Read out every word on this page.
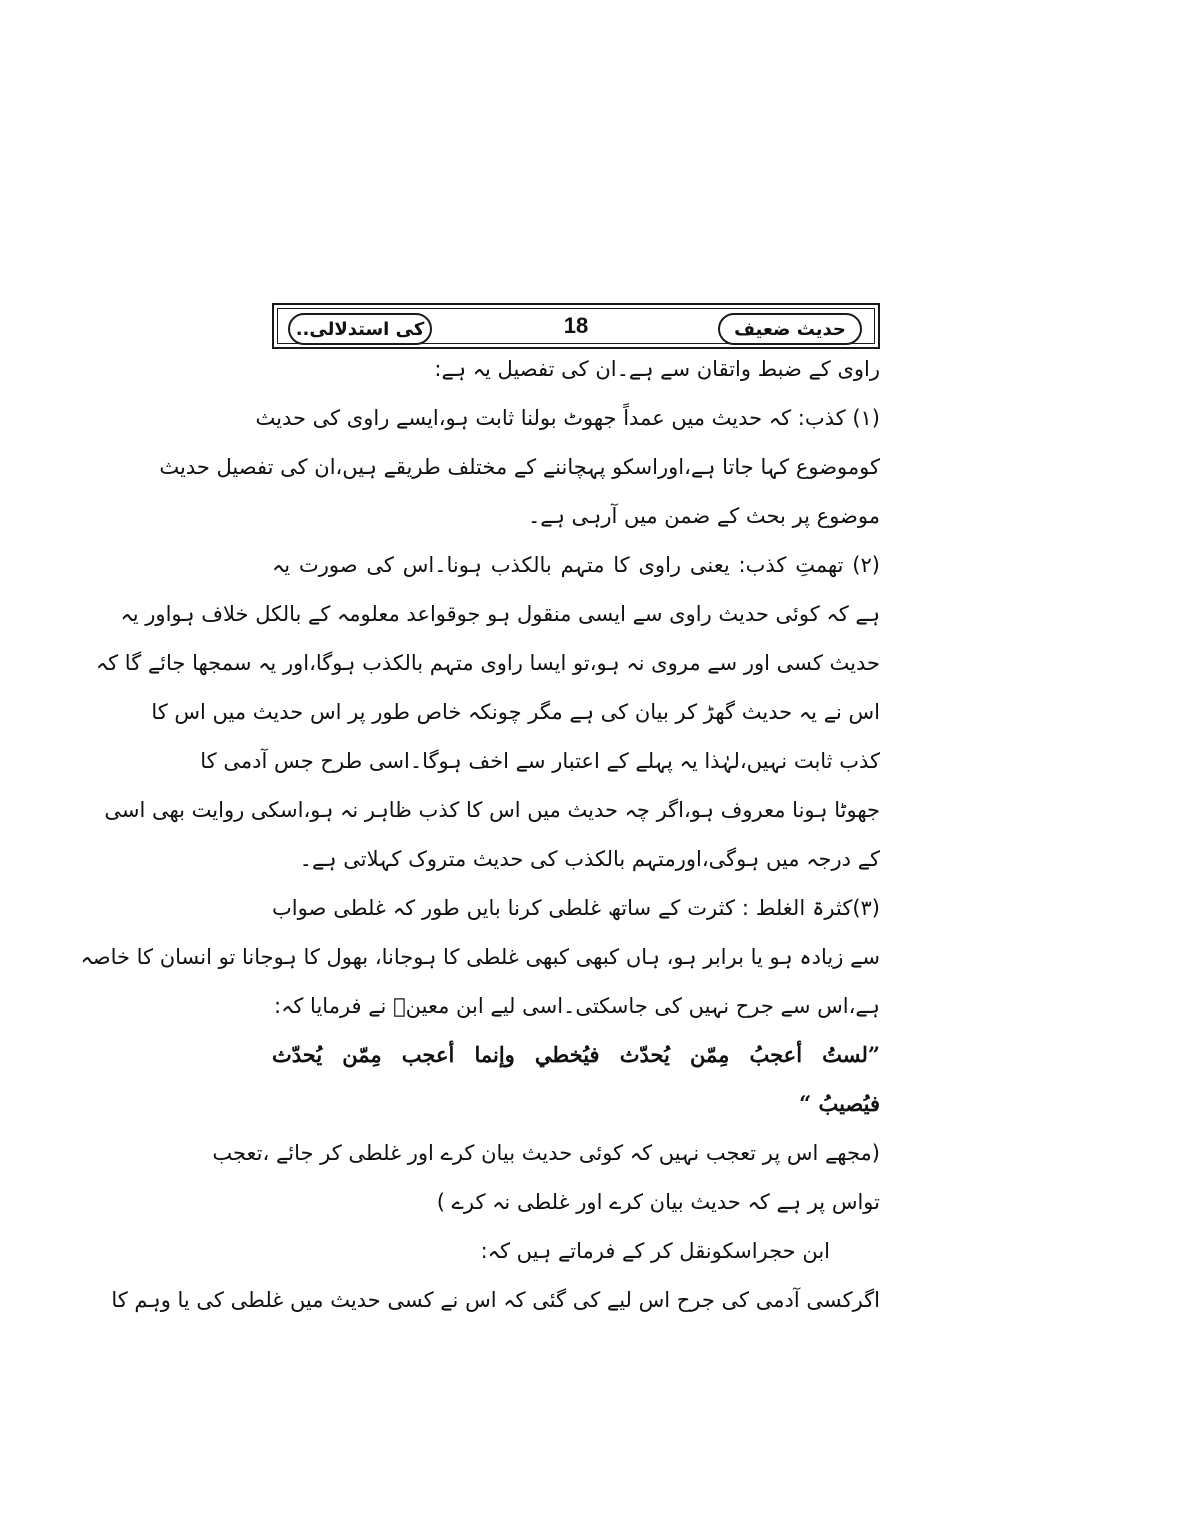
حدیث ضعیف
18
کی استدلالی..
راوی کے ضبط واتقان سے ہے۔ان کی تفصیل یہ ہے:
(۱) کذب: کہ حدیث میں عمداً جھوٹ بولنا ثابت ہو،ایسے راوی کی حدیث
کوموضوع کہا جاتا ہے،اوراسکو پہچاننے کے مختلف طریقے ہیں،ان کی تفصیل حدیث
موضوع پر بحث کے ضمن میں آرہی ہے۔
(۲) تھمتِ کذب: یعنی راوی کا متہم بالکذب ہونا۔اس کی صورت یہ
ہے کہ کوئی حدیث راوی سے ایسی منقول ہو جوقواعد معلومہ کے بالکل خلاف ہواور یہ
حدیث کسی اور سے مروی نہ ہو،تو ایسا راوی متہم بالکذب ہوگا،اور یہ سمجھا جائے گا کہ
اس نے یہ حدیث گھڑ کر بیان کی ہے مگر چونکہ خاص طور پر اس حدیث میں اس کا
کذب ثابت نہیں،لہٰذا یہ پہلے کے اعتبار سے اخف ہوگا۔اسی طرح جس آدمی کا
جھوٹا ہونا معروف ہو،اگر چہ حدیث میں اس کا کذب ظاہر نہ ہو،اسکی روایت بھی اسی
کے درجہ میں ہوگی،اورمتہم بالکذب کی حدیث متروک کہلاتی ہے۔
(۳)کثرۃ الغلط : کثرت کے ساتھ غلطی کرنا بایں طور کہ غلطی صواب
سے زیادہ ہو یا برابر ہو، ہاں کبھی کبھی غلطی کا ہوجانا، بھول کا ہوجانا تو انسان کا خاصہ
ہے،اس سے جرح نہیں کی جاسکتی۔اسی لیے ابن معینؒ نے فرمایا کہ:
”لستُ أعجبُ مِمّن یُحدّث فیُخطي وإنما أعجب مِمّن یُحدّث
فیُصیبُ “
(مجھے اس پر تعجب نہیں کہ کوئی حدیث بیان کرے اور غلطی کر جائے ،تعجب
تواس پر ہے کہ حدیث بیان کرے اور غلطی نہ کرے )
ابن حجراسکونقل کر کے فرماتے ہیں کہ:
اگرکسی آدمی کی جرح اس لیے کی گئی کہ اس نے کسی حدیث میں غلطی کی یا وہم کا
